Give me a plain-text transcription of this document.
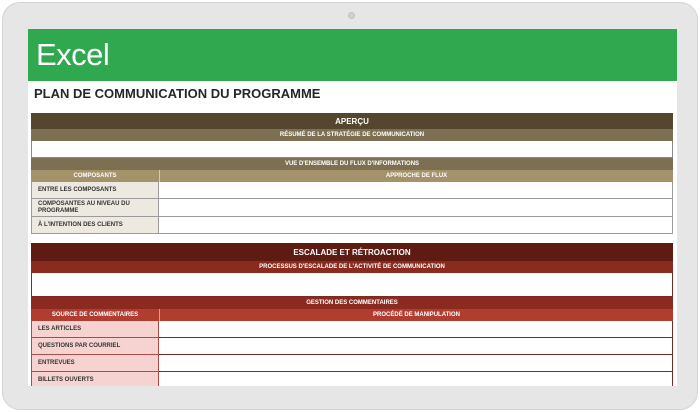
Excel
PLAN DE COMMUNICATION DU PROGRAMME
APERÇU
RÉSUMÉ DE LA STRATÉGIE DE COMMUNICATION
VUE D'ENSEMBLE DU FLUX D'INFORMATIONS
COMPOSANTS	APPROCHE DE FLUX
ENTRE LES COMPOSANTS
COMPOSANTES AU NIVEAU DU PROGRAMME
À L'INTENTION DES CLIENTS
ESCALADE ET RÉTROACTION
PROCESSUS D'ESCALADE DE L'ACTIVITÉ DE COMMUNICATION
GESTION DES COMMENTAIRES
SOURCE DE COMMENTAIRES	PROCÉDÉ DE MANIPULATION
LES ARTICLES
QUESTIONS PAR COURRIEL
ENTREVUES
BILLETS OUVERTS
